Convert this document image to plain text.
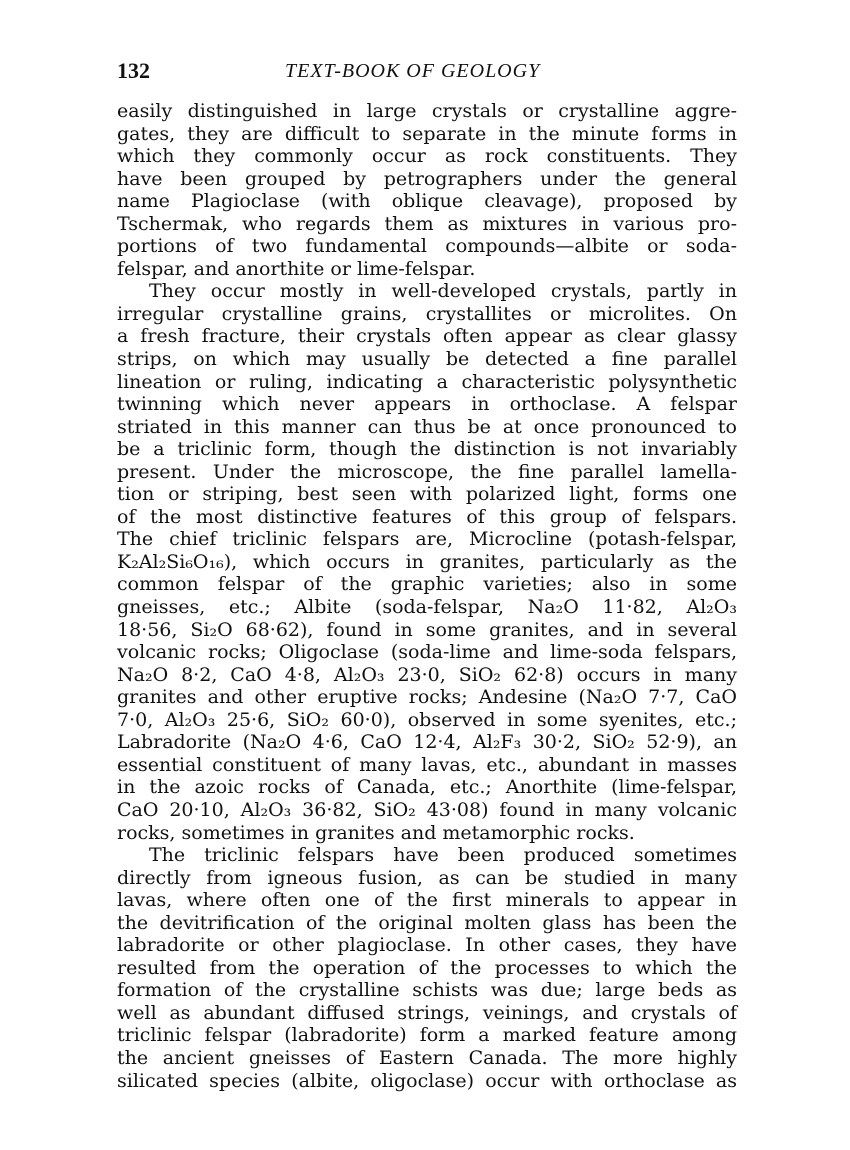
132	TEXT-BOOK OF GEOLOGY
easily distinguished in large crystals or crystalline aggre-
gates, they are difficult to separate in the minute forms in
which they commonly occur as rock constituents. They
have been grouped by petrographers under the general
name Plagioclase (with oblique cleavage), proposed by
Tschermak, who regards them as mixtures in various pro-
portions of two fundamental compounds—albite or soda-
felspar, and anorthite or lime-felspar.
They occur mostly in well-developed crystals, partly in
irregular crystalline grains, crystallites or microlites. On
a fresh fracture, their crystals often appear as clear glassy
strips, on which may usually be detected a fine parallel
lineation or ruling, indicating a characteristic polysynthetic
twinning which never appears in orthoclase. A felspar
striated in this manner can thus be at once pronounced to
be a triclinic form, though the distinction is not invariably
present. Under the microscope, the fine parallel lamella-
tion or striping, best seen with polarized light, forms one
of the most distinctive features of this group of felspars.
The chief triclinic felspars are, Microcline (potash-felspar,
K₂Al₂Si₆O₁₆), which occurs in granites, particularly as the
common felspar of the graphic varieties; also in some
gneisses, etc.; Albite (soda-felspar, Na₂O 11·82, Al₂O₃
18·56, Si₂O 68·62), found in some granites, and in several
volcanic rocks; Oligoclase (soda-lime and lime-soda felspars,
Na₂O 8·2, CaO 4·8, Al₂O₃ 23·0, SiO₂ 62·8) occurs in many
granites and other eruptive rocks; Andesine (Na₂O 7·7, CaO
7·0, Al₂O₃ 25·6, SiO₂ 60·0), observed in some syenites, etc.;
Labradorite (Na₂O 4·6, CaO 12·4, Al₂F₃ 30·2, SiO₂ 52·9), an
essential constituent of many lavas, etc., abundant in masses
in the azoic rocks of Canada, etc.; Anorthite (lime-felspar,
CaO 20·10, Al₂O₃ 36·82, SiO₂ 43·08) found in many volcanic
rocks, sometimes in granites and metamorphic rocks.
The triclinic felspars have been produced sometimes
directly from igneous fusion, as can be studied in many
lavas, where often one of the first minerals to appear in
the devitrification of the original molten glass has been the
labradorite or other plagioclase. In other cases, they have
resulted from the operation of the processes to which the
formation of the crystalline schists was due; large beds as
well as abundant diffused strings, veinings, and crystals of
triclinic felspar (labradorite) form a marked feature among
the ancient gneisses of Eastern Canada. The more highly
silicated species (albite, oligoclase) occur with orthoclase as
